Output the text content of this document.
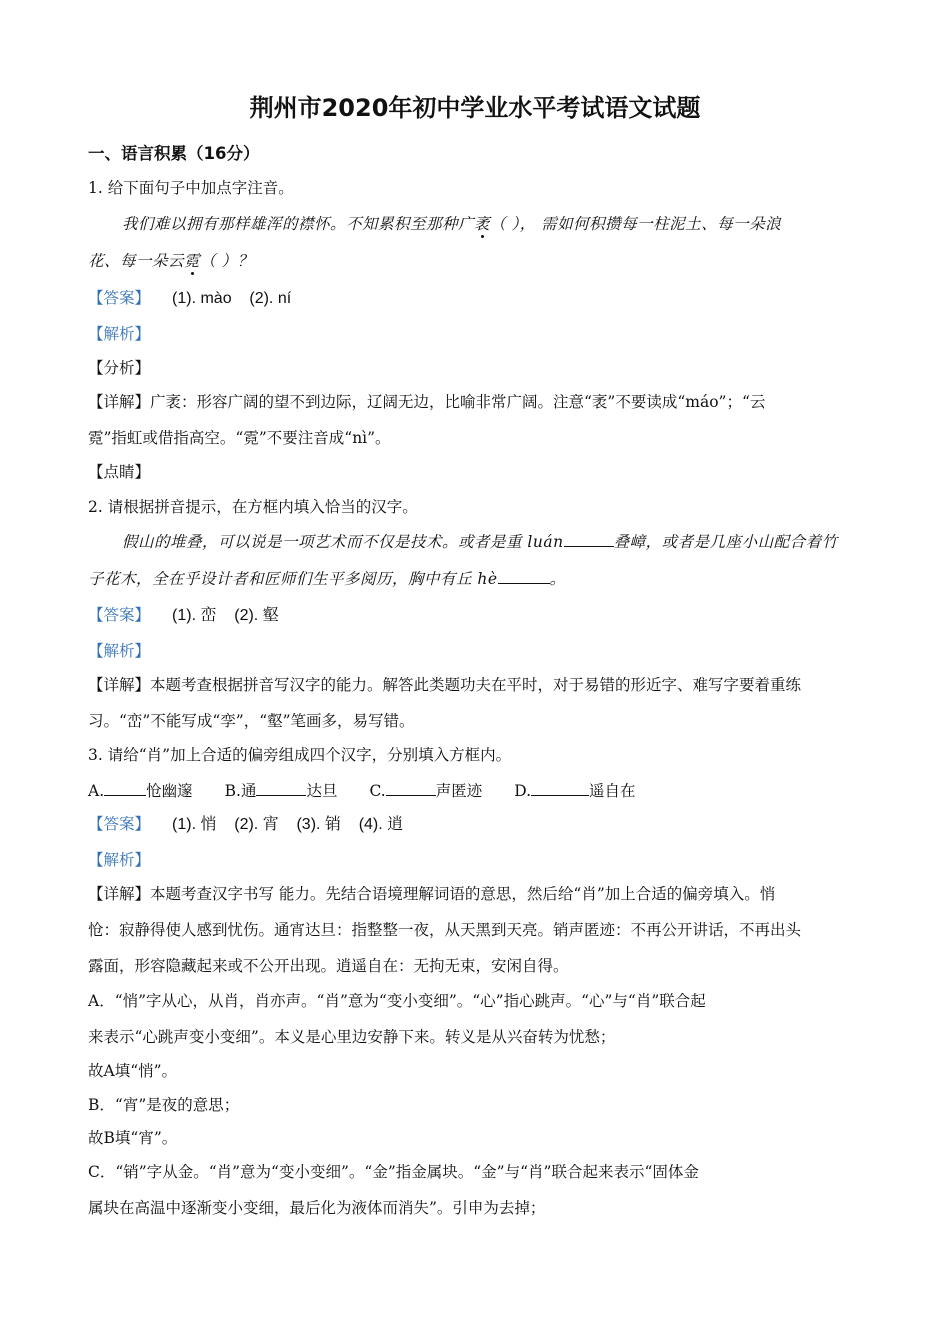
荆州市2020年初中学业水平考试语文试题
一、语言积累（16分）
1. 给下面句子中加点字注音。
我们难以拥有那样雄浑的襟怀。不知累积至那种广袤（ ）， 需如何积攒每一柱泥土、每一朵浪
花、每一朵云霓（ ）？
【答案】 (1). mào    (2). ní
【解析】
【分析】
【详解】广袤：形容广阔的望不到边际，辽阔无边，比喻非常广阔。注意“袤”不要读成“máo”；“云
霓”指虹或借指高空。“霓”不要注音成“nì”。
【点睛】
2. 请根据拼音提示，在方框内填入恰当的汉字。
假山的堆叠，可以说是一项艺术而不仅是技术。或者是重 luán	叠嶂，或者是几座小山配合着竹
子花木，全在乎设计者和匠师们生平多阅历，胸中有丘 hè	。
【答案】 (1). 峦    (2). 壑
【解析】
【详解】本题考查根据拼音写汉字的能力。解答此类题功夫在平时，对于易错的形近字、难写字要着重练
习。“峦”不能写成“孪”，“壑”笔画多，易写错。
3. 请给“肖”加上合适的偏旁组成四个汉字，分别填入方框内。
A.	怆幽邃 B.通	达旦 C.	声匿迹 D.	遥自在
【答案】 (1). 悄    (2). 宵    (3). 销    (4). 逍
【解析】
【详解】本题考查汉字书写 能力。先结合语境理解词语的意思，然后给“肖”加上合适的偏旁填入。悄
怆：寂静得使人感到忧伤。通宵达旦：指整整一夜，从天黑到天亮。销声匿迹：不再公开讲话，不再出头
露面，形容隐藏起来或不公开出现。逍遥自在：无拘无束，安闲自得。
A．“悄”字从心，从肖，肖亦声。“肖”意为“变小变细”。“心”指心跳声。“心”与“肖”联合起
来表示“心跳声变小变细”。本义是心里边安静下来。转义是从兴奋转为忧愁；
故A填“悄”。
B．“宵”是夜的意思；
故B填“宵”。
C．“销”字从金。“肖”意为“变小变细”。“金”指金属块。“金”与“肖”联合起来表示“固体金
属块在高温中逐渐变小变细，最后化为液体而消失”。引申为去掉；
